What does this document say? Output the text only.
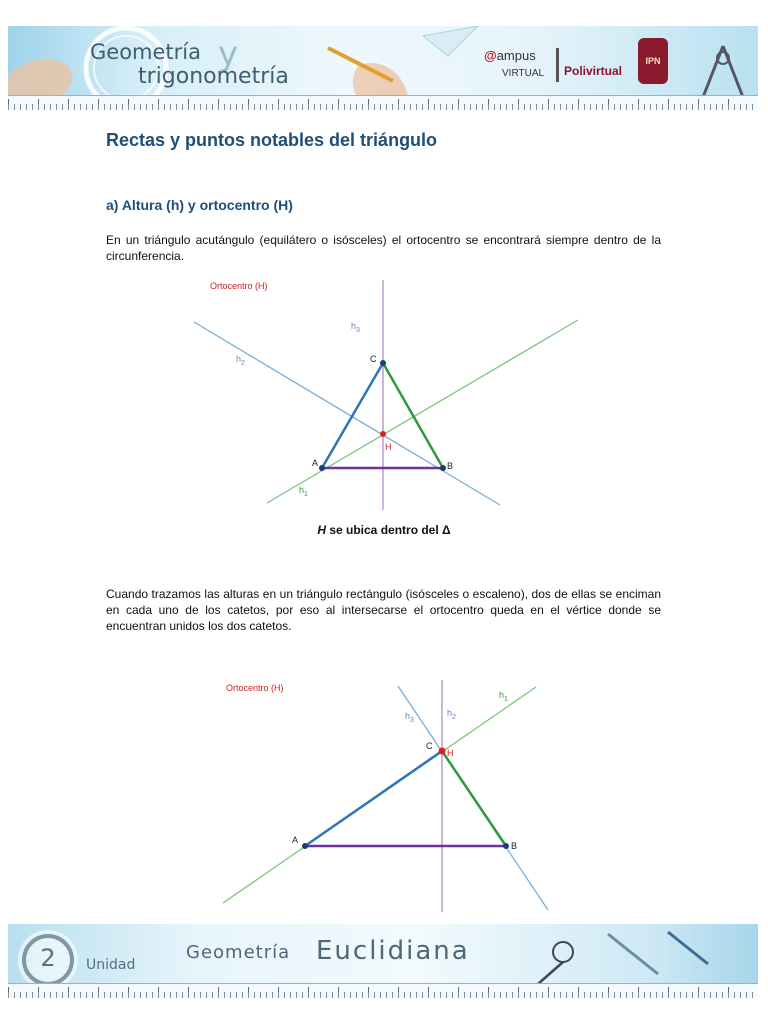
Geometría y
trigonometría
@ampus
VIRTUAL Polivirtual
IPN
Rectas y puntos notables del triángulo
a) Altura (h) y ortocentro (H)

En un triángulo acutángulo (equilátero o isósceles) el ortocentro se encontrará siempre dentro de la circunferencia.

Ortocentro (H)
A	B
C
H
$h_3$
$h_2$
$h_1$
H se ubica dentro del Δ

Cuando trazamos las alturas en un triángulo rectángulo (isósceles o escaleno), dos de ellas se enciman en cada uno de los catetos, por eso al intersecarse el ortocentro queda en el vértice donde se encuentran unidos los dos catetos.

Ortocentro (H)
A
B
C
H
$h_1$
$h_2$
$h_3$
2	Unidad
Geometría Euclidiana
